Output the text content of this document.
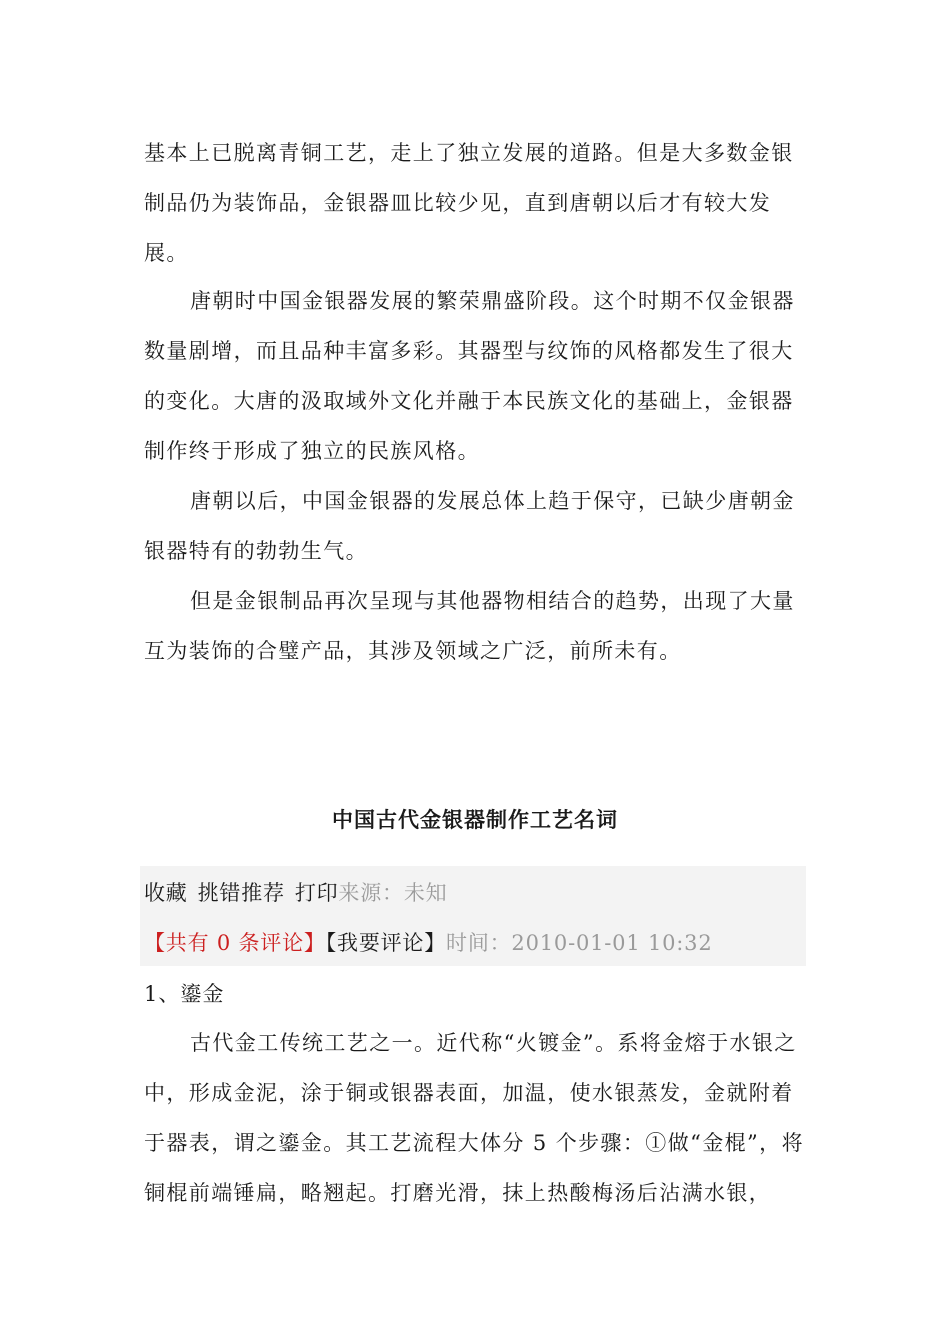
基本上已脱离青铜工艺，走上了独立发展的道路。但是大多数金银制品仍为装饰品，金银器皿比较少见，直到唐朝以后才有较大发展。

唐朝时中国金银器发展的繁荣鼎盛阶段。这个时期不仅金银器数量剧增，而且品种丰富多彩。其器型与纹饰的风格都发生了很大的变化。大唐的汲取域外文化并融于本民族文化的基础上，金银器制作终于形成了独立的民族风格。

唐朝以后，中国金银器的发展总体上趋于保守，已缺少唐朝金银器特有的勃勃生气。

但是金银制品再次呈现与其他器物相结合的趋势，出现了大量互为装饰的合璧产品，其涉及领域之广泛，前所未有。

中国古代金银器制作工艺名词
收藏 挑错推荐 打印来源：未知
【共有 0 条评论】【我要评论】时间：2010-01-01 10:32

1、鎏金

古代金工传统工艺之一。近代称“火镀金”。系将金熔于水银之中，形成金泥，涂于铜或银器表面，加温，使水银蒸发，金就附着于器表，谓之鎏金。其工艺流程大体分 5 个步骤：①做“金棍”，将铜棍前端锤扁，略翘起。打磨光滑，抹上热酸梅汤后沾满水银，
